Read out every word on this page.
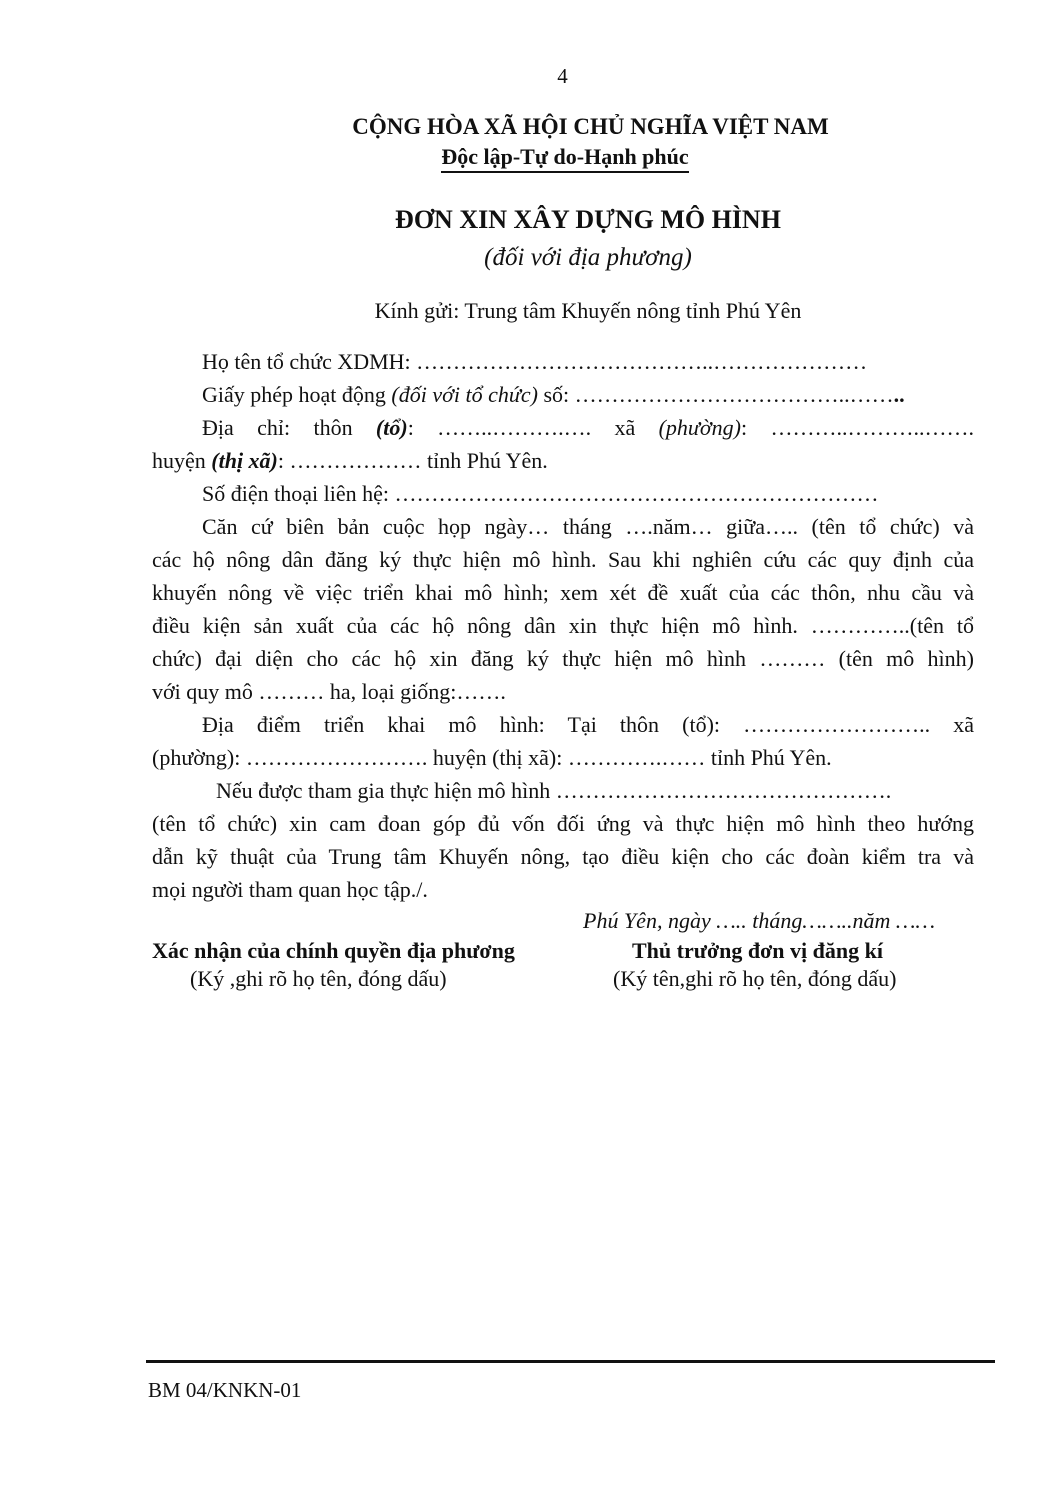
4
CỘNG HÒA XÃ HỘI CHỦ NGHĨA VIỆT NAM
Độc lập-Tự do-Hạnh phúc
ĐƠN XIN XÂY DỰNG MÔ HÌNH
(đối với địa phương)
Kính gửi: Trung tâm Khuyến nông tỉnh Phú Yên

Họ tên tổ chức XDMH: …………………………………..…………………

Giấy phép hoạt động (đối với tổ chức) số: ………………………………..……..

Địa chỉ: thôn (tổ): ……..……….…. xã (phường): ………..………..…….

huyện (thị xã): ……………… tỉnh Phú Yên.

Số điện thoại liên hệ: …………………………………………………………

Căn cứ biên bản cuộc họp ngày… tháng ….năm… giữa….. (tên tổ chức) và

các hộ nông dân đăng ký thực hiện mô hình. Sau khi nghiên cứu các quy định của

khuyến nông về việc triển khai mô hình; xem xét đề xuất của các thôn, nhu cầu và

điều kiện sản xuất của các hộ nông dân xin thực hiện mô hình. …………..(tên tổ

chức) đại diện cho các hộ xin đăng ký thực hiện mô hình ……… (tên mô hình)

với quy mô ……… ha, loại giống:…….

Địa điểm triển khai mô hình: Tại thôn (tổ): …………………….. xã

(phường): ……………………. huyện (thị xã): ………….…… tỉnh Phú Yên.

Nếu được tham gia thực hiện mô hình ……………………………………….

(tên tổ chức) xin cam đoan góp đủ vốn đối ứng và thực hiện mô hình theo hướng

dẫn kỹ thuật của Trung tâm Khuyến nông, tạo điều kiện cho các đoàn kiểm tra và

mọi người tham quan học tập./.

Phú Yên, ngày ….. tháng……..năm ……
Xác nhận của chính quyền địa phương
(Ký ,ghi rõ họ tên, đóng dấu)
Thủ trưởng đơn vị đăng kí
(Ký tên,ghi rõ họ tên, đóng dấu)
BM 04/KNKN-01
